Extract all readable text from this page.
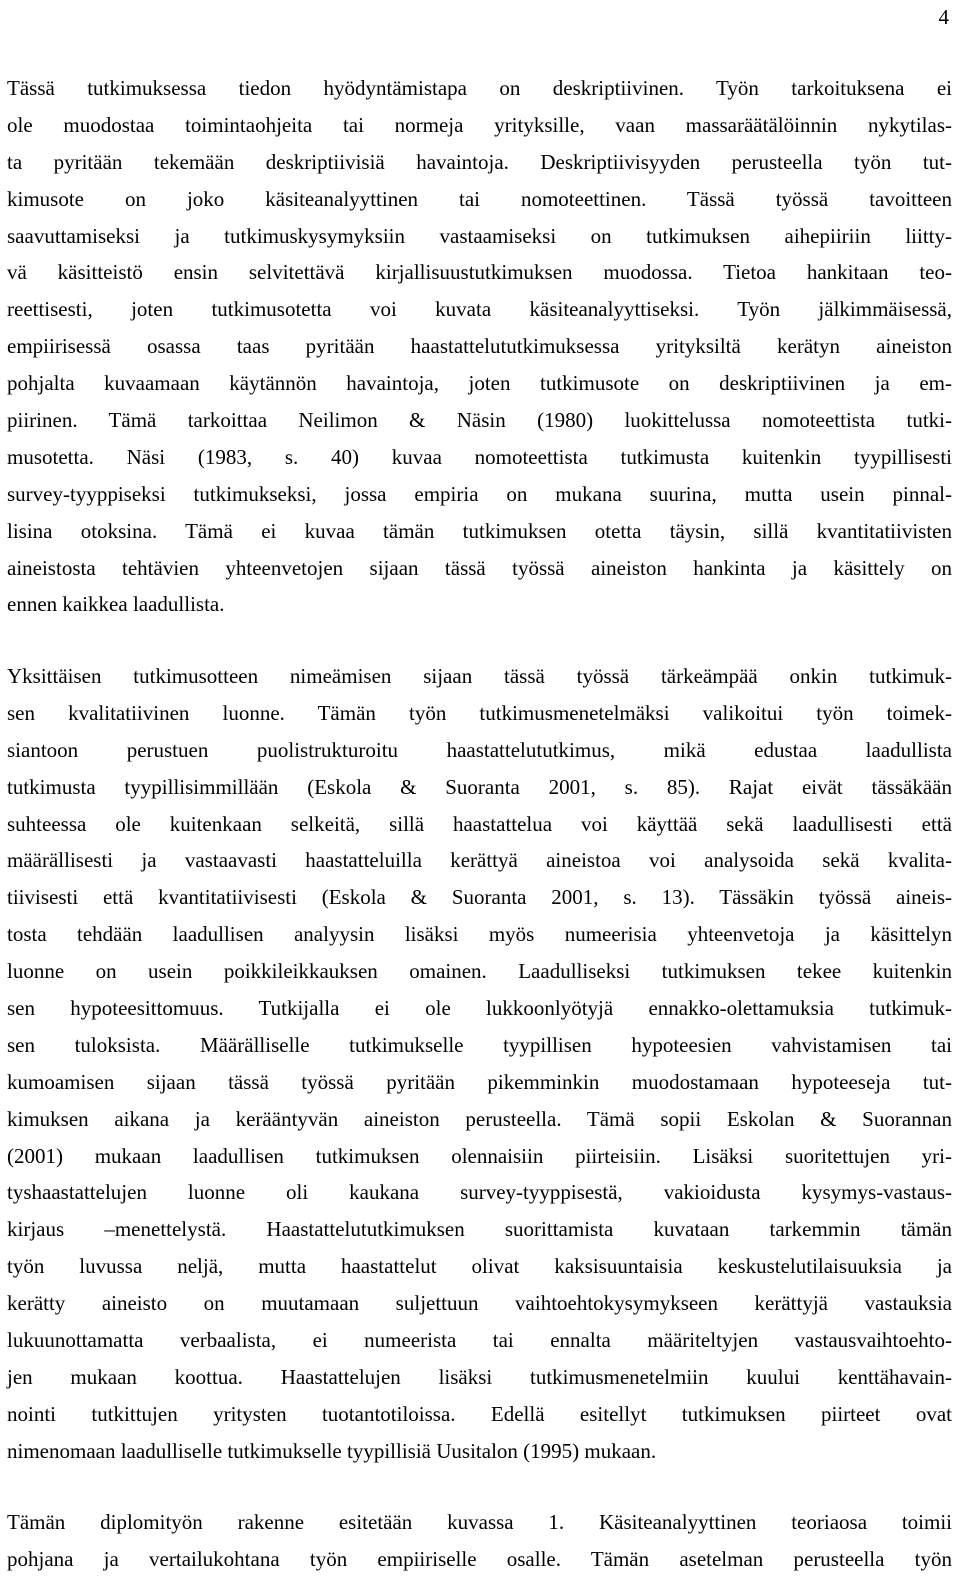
4

Tässä tutkimuksessa tiedon hyödyntämistapa on deskriptiivinen. Työn tarkoituksena ei
ole muodostaa toimintaohjeita tai normeja yrityksille, vaan massaräätälöinnin nykytilas-
ta pyritään tekemään deskriptiivisiä havaintoja. Deskriptiivisyyden perusteella työn tut-
kimusote on joko käsiteanalyyttinen tai nomoteettinen. Tässä työssä tavoitteen
saavuttamiseksi ja tutkimuskysymyksiin vastaamiseksi on tutkimuksen aihepiiriin liitty-
vä käsitteistö ensin selvitettävä kirjallisuustutkimuksen muodossa. Tietoa hankitaan teo-
reettisesti, joten tutkimusotetta voi kuvata käsiteanalyyttiseksi. Työn jälkimmäisessä,
empiirisessä osassa taas pyritään haastattelututkimuksessa yrityksiltä kerätyn aineiston
pohjalta kuvaamaan käytännön havaintoja, joten tutkimusote on deskriptiivinen ja em-
piirinen. Tämä tarkoittaa Neilimon & Näsin (1980) luokittelussa nomoteettista tutki-
musotetta. Näsi (1983, s. 40) kuvaa nomoteettista tutkimusta kuitenkin tyypillisesti
survey-tyyppiseksi tutkimukseksi, jossa empiria on mukana suurina, mutta usein pinnal-
lisina otoksina. Tämä ei kuvaa tämän tutkimuksen otetta täysin, sillä kvantitatiivisten
aineistosta tehtävien yhteenvetojen sijaan tässä työssä aineiston hankinta ja käsittely on
ennen kaikkea laadullista.
Yksittäisen tutkimusotteen nimeämisen sijaan tässä työssä tärkeämpää onkin tutkimuk-
sen kvalitatiivinen luonne. Tämän työn tutkimusmenetelmäksi valikoitui työn toimek-
siantoon perustuen puolistrukturoitu haastattelututkimus, mikä edustaa laadullista
tutkimusta tyypillisimmillään (Eskola & Suoranta 2001, s. 85). Rajat eivät tässäkään
suhteessa ole kuitenkaan selkeitä, sillä haastattelua voi käyttää sekä laadullisesti että
määrällisesti ja vastaavasti haastatteluilla kerättyä aineistoa voi analysoida sekä kvalita-
tiivisesti että kvantitatiivisesti (Eskola & Suoranta 2001, s. 13). Tässäkin työssä aineis-
tosta tehdään laadullisen analyysin lisäksi myös numeerisia yhteenvetoja ja käsittelyn
luonne on usein poikkileikkauksen omainen. Laadulliseksi tutkimuksen tekee kuitenkin
sen hypoteesittomuus. Tutkijalla ei ole lukkoonlyötyjä ennakko-olettamuksia tutkimuk-
sen tuloksista. Määrälliselle tutkimukselle tyypillisen hypoteesien vahvistamisen tai
kumoamisen sijaan tässä työssä pyritään pikemminkin muodostamaan hypoteeseja tut-
kimuksen aikana ja kerääntyvän aineiston perusteella. Tämä sopii Eskolan & Suorannan
(2001) mukaan laadullisen tutkimuksen olennaisiin piirteisiin. Lisäksi suoritettujen yri-
tyshaastattelujen luonne oli kaukana survey-tyyppisestä, vakioidusta kysymys-vastaus-
kirjaus –menettelystä. Haastattelututkimuksen suorittamista kuvataan tarkemmin tämän
työn luvussa neljä, mutta haastattelut olivat kaksisuuntaisia keskustelutilaisuuksia ja
kerätty aineisto on muutamaan suljettuun vaihtoehtokysymykseen kerättyjä vastauksia
lukuunottamatta verbaalista, ei numeerista tai ennalta määriteltyjen vastausvaihtoehto-
jen mukaan koottua. Haastattelujen lisäksi tutkimusmenetelmiin kuului kenttähavain-
nointi tutkittujen yritysten tuotantotiloissa. Edellä esitellyt tutkimuksen piirteet ovat
nimenomaan laadulliselle tutkimukselle tyypillisiä Uusitalon (1995) mukaan.
Tämän diplomityön rakenne esitetään kuvassa 1. Käsiteanalyyttinen teoriaosa toimii
pohjana ja vertailukohtana työn empiiriselle osalle. Tämän asetelman perusteella työn
